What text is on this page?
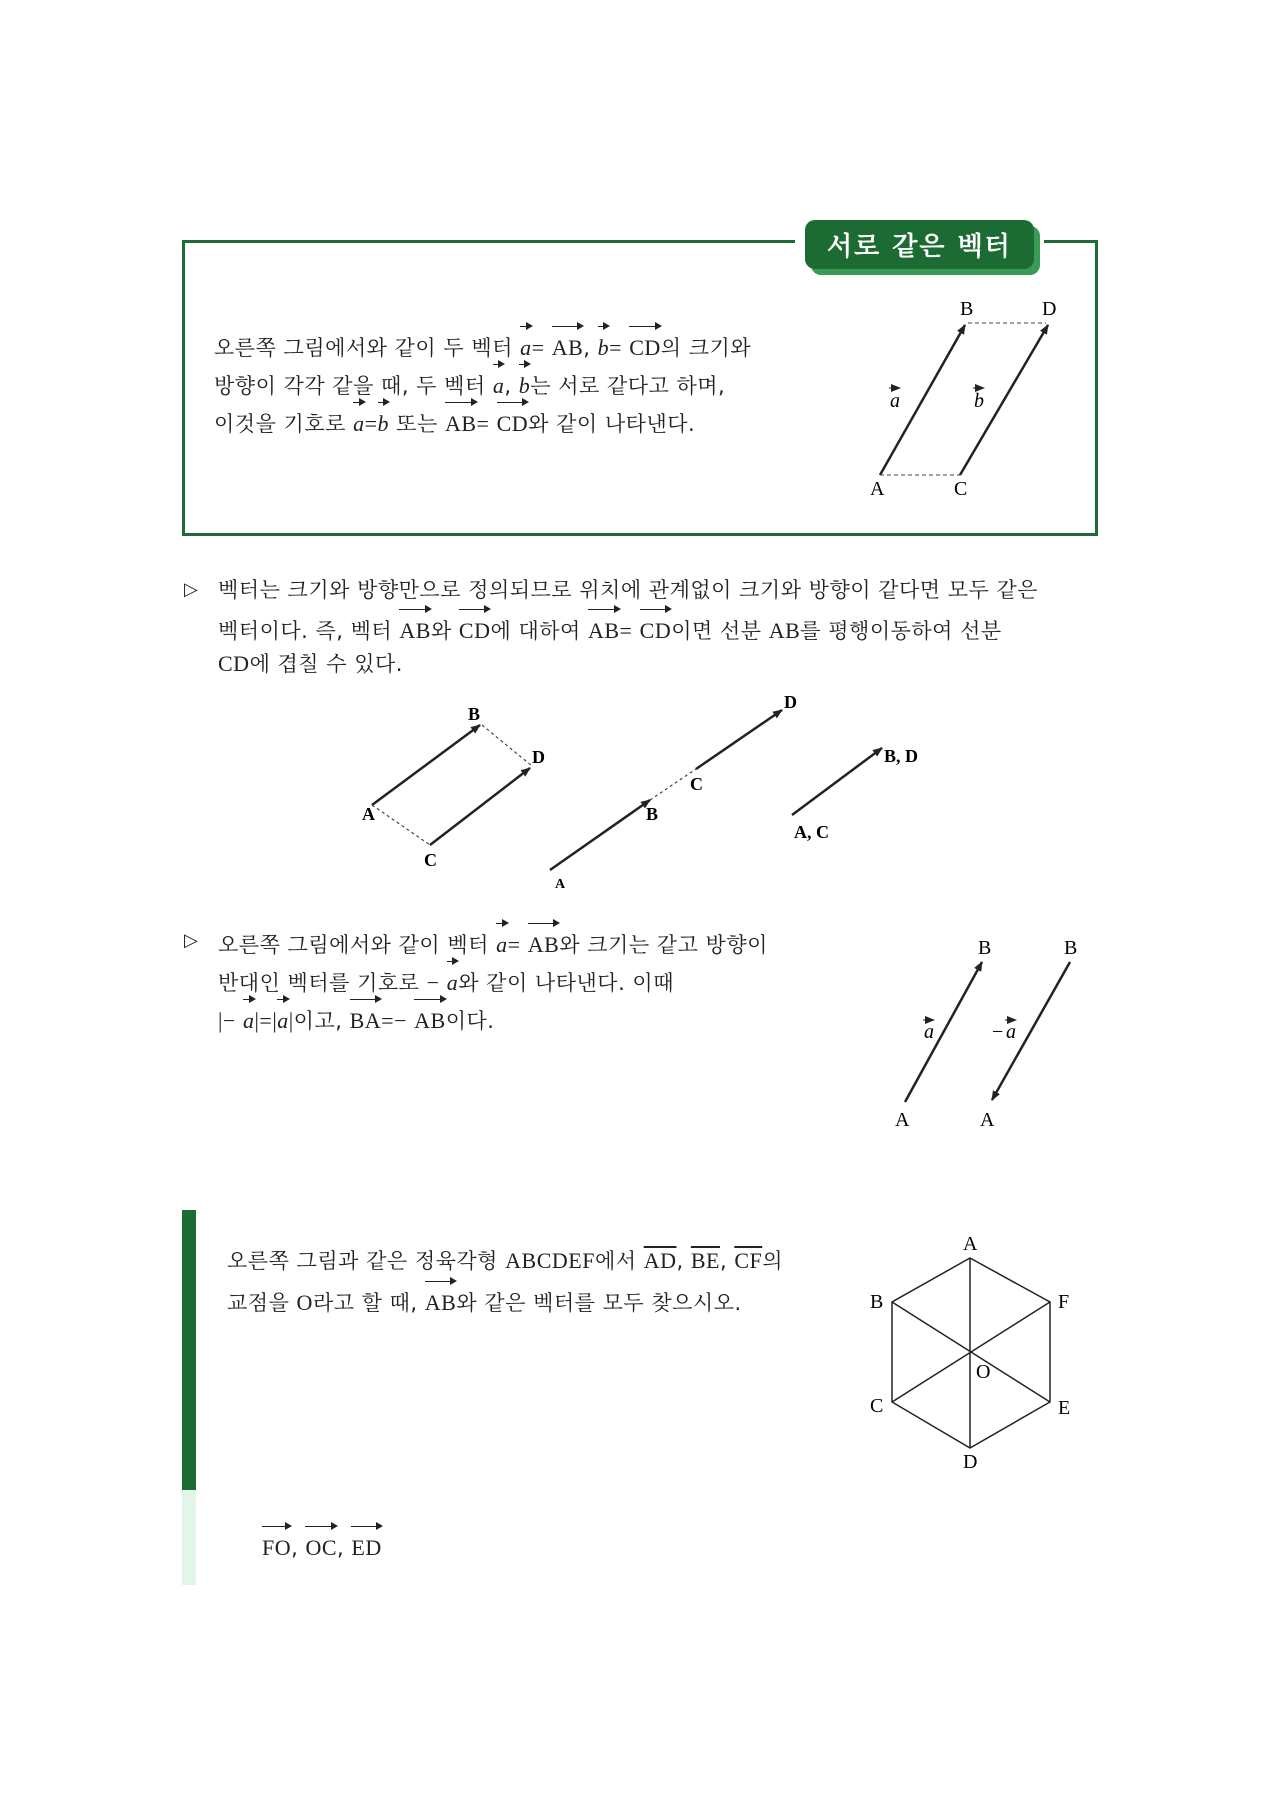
서로 같은 벡터
오른쪽 그림에서와 같이 두 벡터 a= AB, b= CD의 크기와
방향이 각각 같을 때, 두 벡터 a, b는 서로 같다고 하며,
이것을 기호로 a=b 또는 AB= CD와 같이 나타낸다.
A	C
B	D
a	b
▷ 벡터는 크기와 방향만으로 정의되므로 위치에 관계없이 크기와 방향이 같다면 모두 같은
벡터이다. 즉, 벡터 AB와 CD에 대하여 AB= CD이면 선분 AB를 평행이동하여 선분
CD에 겹칠 수 있다.
A
B
C
D
A
B
C
D
B, D
A, C
▷ 오른쪽 그림에서와 같이 벡터 a= AB와 크기는 같고 방향이
반대인 벡터를 기호로 − a와 같이 나타낸다. 이때
|− a|=|a|이고, BA=− AB이다.
A
B	B
A
a	− a
오른쪽 그림과 같은 정육각형 ABCDEF에서 $\overline{AD}$, $\overline{BE}$, $\overline{CF}$의
교점을 O라고 할 때, AB와 같은 벡터를 모두 찾으시오.
A
B	F
C	E
D
O
FO, OC, ED
